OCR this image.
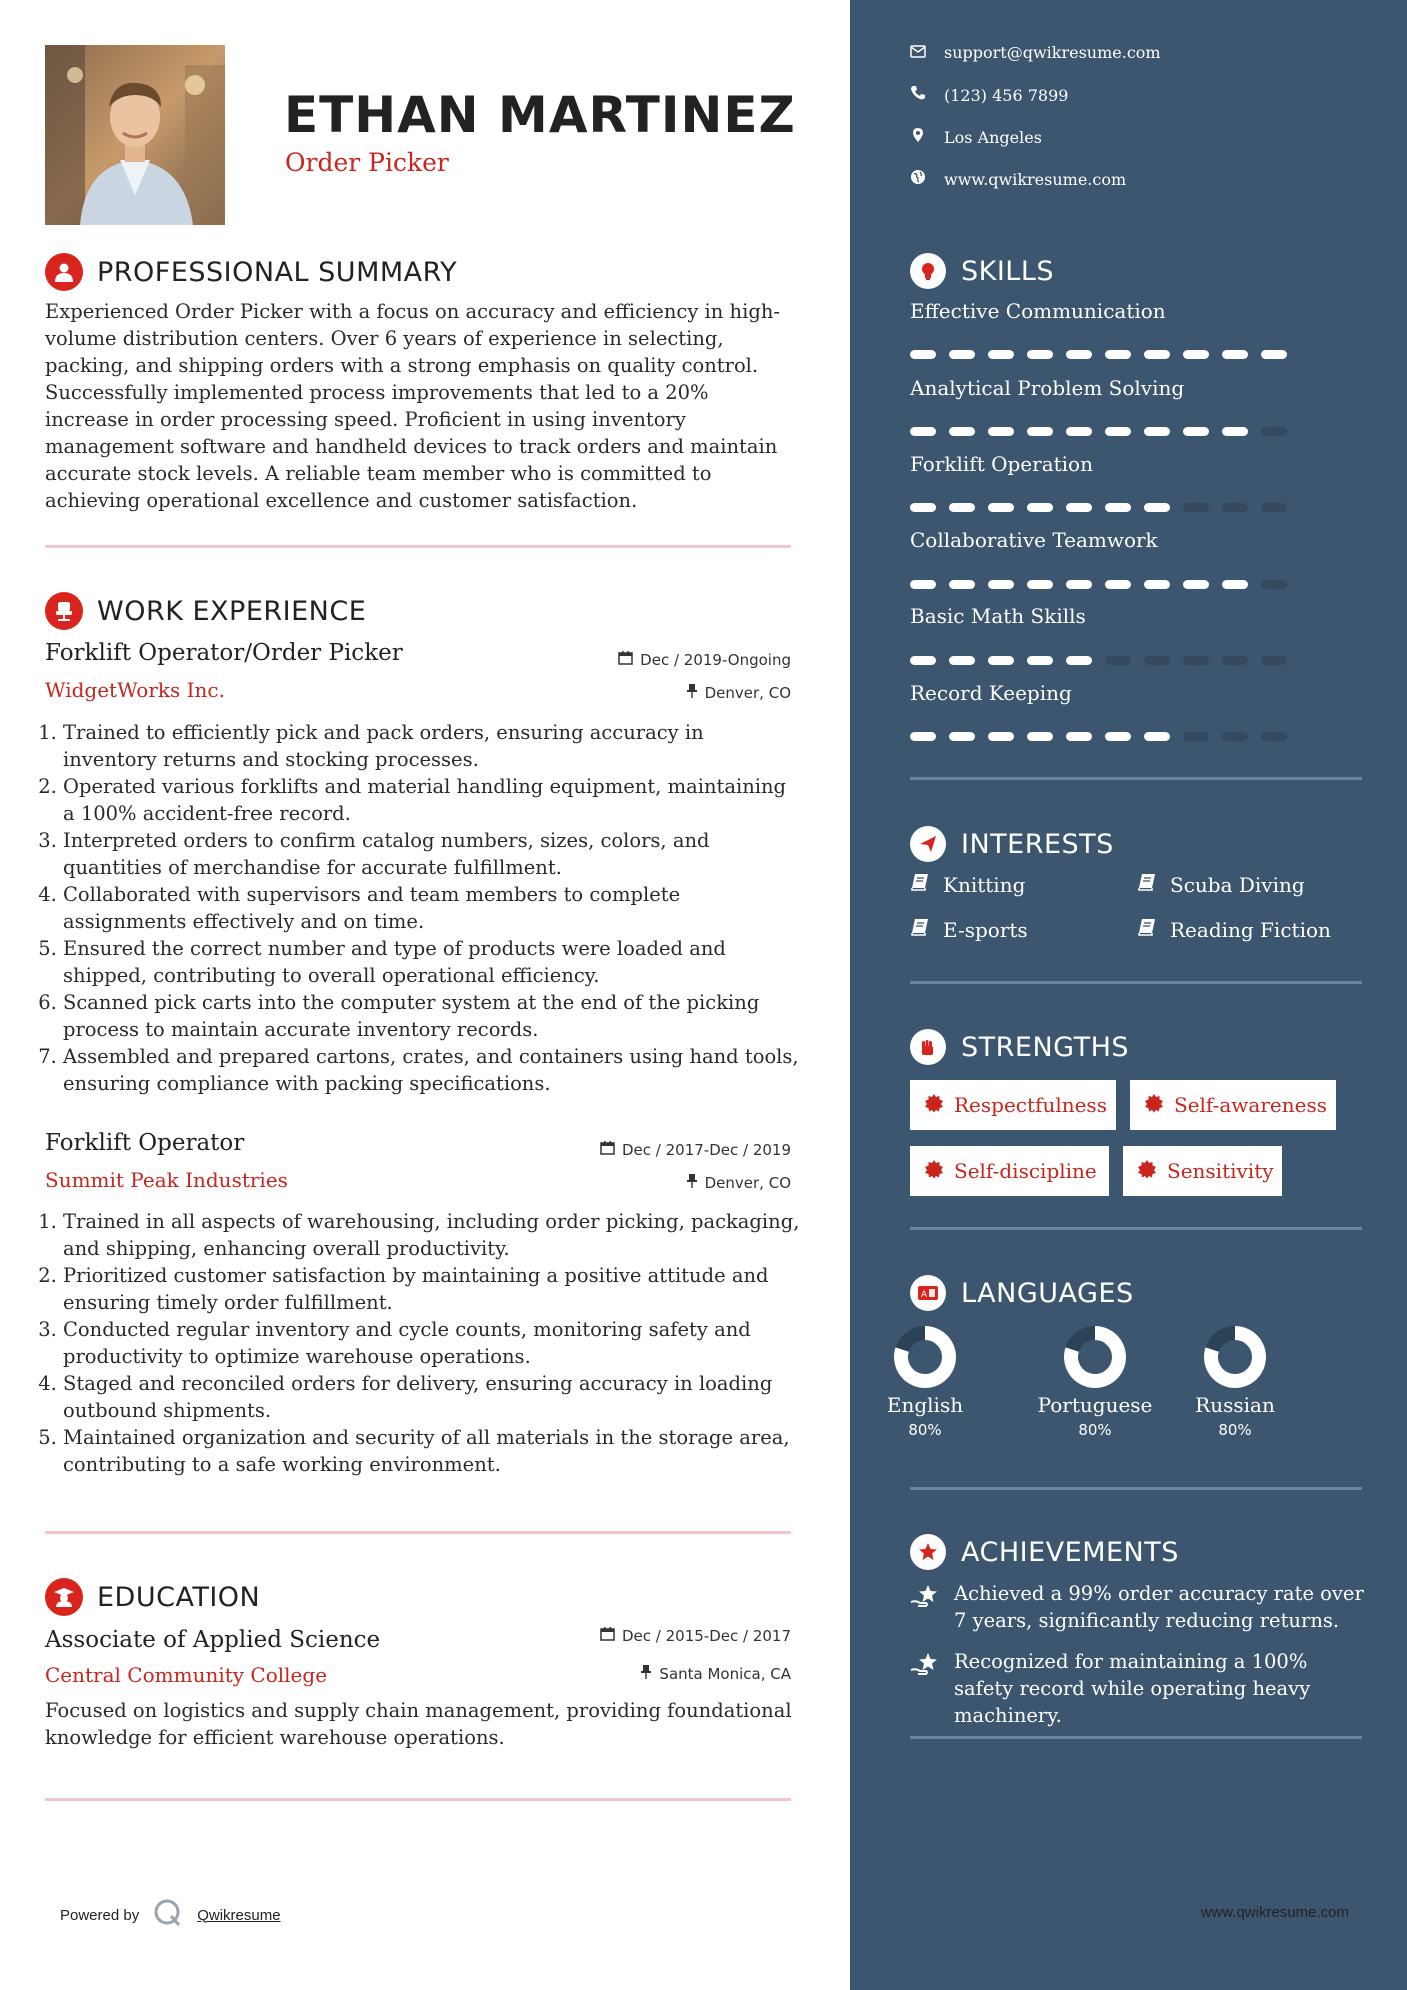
ETHAN MARTINEZ
Order Picker
PROFESSIONAL SUMMARY
Experienced Order Picker with a focus on accuracy and efficiency in high-volume distribution centers. Over 6 years of experience in selecting, packing, and shipping orders with a strong emphasis on quality control. Successfully implemented process improvements that led to a 20% increase in order processing speed. Proficient in using inventory management software and handheld devices to track orders and maintain accurate stock levels. A reliable team member who is committed to achieving operational excellence and customer satisfaction.
WORK EXPERIENCE
Forklift Operator/Order Picker	Dec / 2019-Ongoing
WidgetWorks Inc.	Denver, CO
1. Trained to efficiently pick and pack orders, ensuring accuracy in inventory returns and stocking processes.
2. Operated various forklifts and material handling equipment, maintaining a 100% accident-free record.
3. Interpreted orders to confirm catalog numbers, sizes, colors, and quantities of merchandise for accurate fulfillment.
4. Collaborated with supervisors and team members to complete assignments effectively and on time.
5. Ensured the correct number and type of products were loaded and shipped, contributing to overall operational efficiency.
6. Scanned pick carts into the computer system at the end of the picking process to maintain accurate inventory records.
7. Assembled and prepared cartons, crates, and containers using hand tools, ensuring compliance with packing specifications.
Forklift Operator	Dec / 2017-Dec / 2019
Summit Peak Industries	Denver, CO
1. Trained in all aspects of warehousing, including order picking, packaging, and shipping, enhancing overall productivity.
2. Prioritized customer satisfaction by maintaining a positive attitude and ensuring timely order fulfillment.
3. Conducted regular inventory and cycle counts, monitoring safety and productivity to optimize warehouse operations.
4. Staged and reconciled orders for delivery, ensuring accuracy in loading outbound shipments.
5. Maintained organization and security of all materials in the storage area, contributing to a safe working environment.
EDUCATION
Associate of Applied Science	Dec / 2015-Dec / 2017
Central Community College	Santa Monica, CA
Focused on logistics and supply chain management, providing foundational knowledge for efficient warehouse operations.
Powered by	Qwikresume
support@qwikresume.com
(123) 456 7899
Los Angeles
www.qwikresume.com
SKILLS
Effective Communication
Analytical Problem Solving
Forklift Operation
Collaborative Teamwork
Basic Math Skills
Record Keeping
INTERESTS
Knitting	Scuba Diving
E-sports	Reading Fiction
STRENGTHS
Respectfulness	Self-awareness
Self-discipline	Sensitivity
A LANGUAGES
English
80%
Portuguese
80%
Russian
80%
ACHIEVEMENTS
Achieved a 99% order accuracy rate over 7 years, significantly reducing returns.
Recognized for maintaining a 100% safety record while operating heavy machinery.
www.qwikresume.com
